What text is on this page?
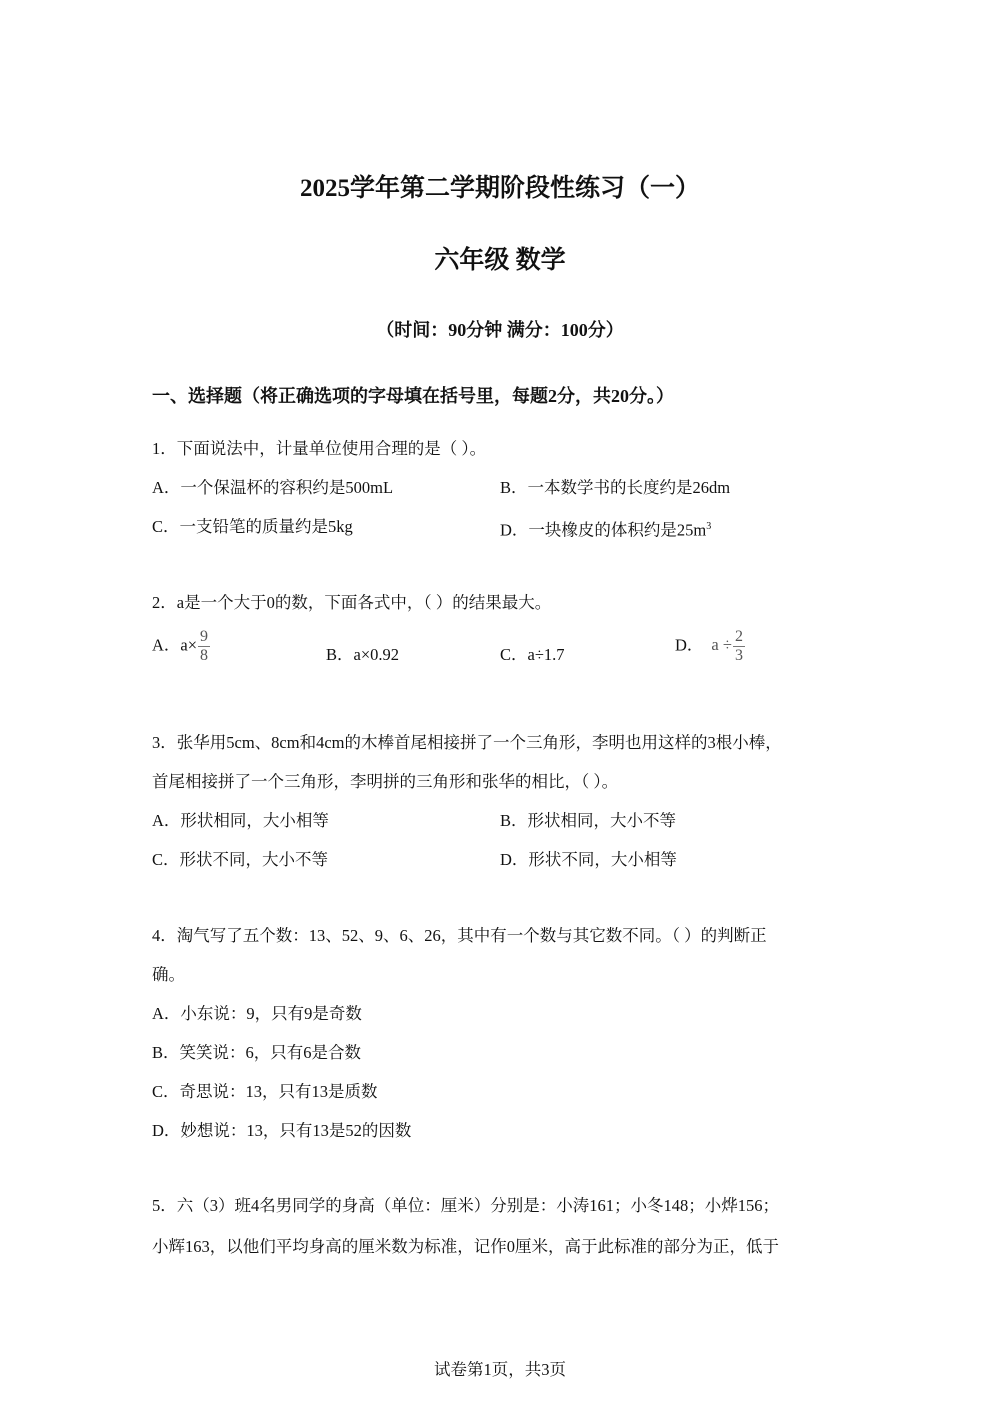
2025学年第二学期阶段性练习（一）
六年级 数学
（时间：90分钟 满分：100分）
一、选择题（将正确选项的字母填在括号里，每题2分，共20分。）
1．下面说法中，计量单位使用合理的是（ ）。
A．一个保温杯的容积约是500mL	B．一本数学书的长度约是26dm
C．一支铅笔的质量约是5kg	D．一块橡皮的体积约是$25m^3$
2．a是一个大于0的数，下面各式中，（ ）的结果最大。
A．$a\times \frac{9}{8}$	B．a×0.92	C．a÷1.7
D． $a \div \frac{2}{3}$
3．张华用5cm、8cm和4cm的木棒首尾相接拼了一个三角形，李明也用这样的3根小棒，
首尾相接拼了一个三角形，李明拼的三角形和张华的相比，（ ）。
A．形状相同，大小相等	B．形状相同，大小不等
C．形状不同，大小不等	D．形状不同，大小相等
4．淘气写了五个数：13、52、9、6、26，其中有一个数与其它数不同。（ ）的判断正
确。
A．小东说：9，只有9是奇数
B．笑笑说：6，只有6是合数
C．奇思说：13，只有13是质数
D．妙想说：13，只有13是52的因数
5．六（3）班4名男同学的身高（单位：厘米）分别是：小涛161；小冬148；小烨156；
小辉163，以他们平均身高的厘米数为标准，记作0厘米，高于此标准的部分为正，低于
试卷第1页，共3页
